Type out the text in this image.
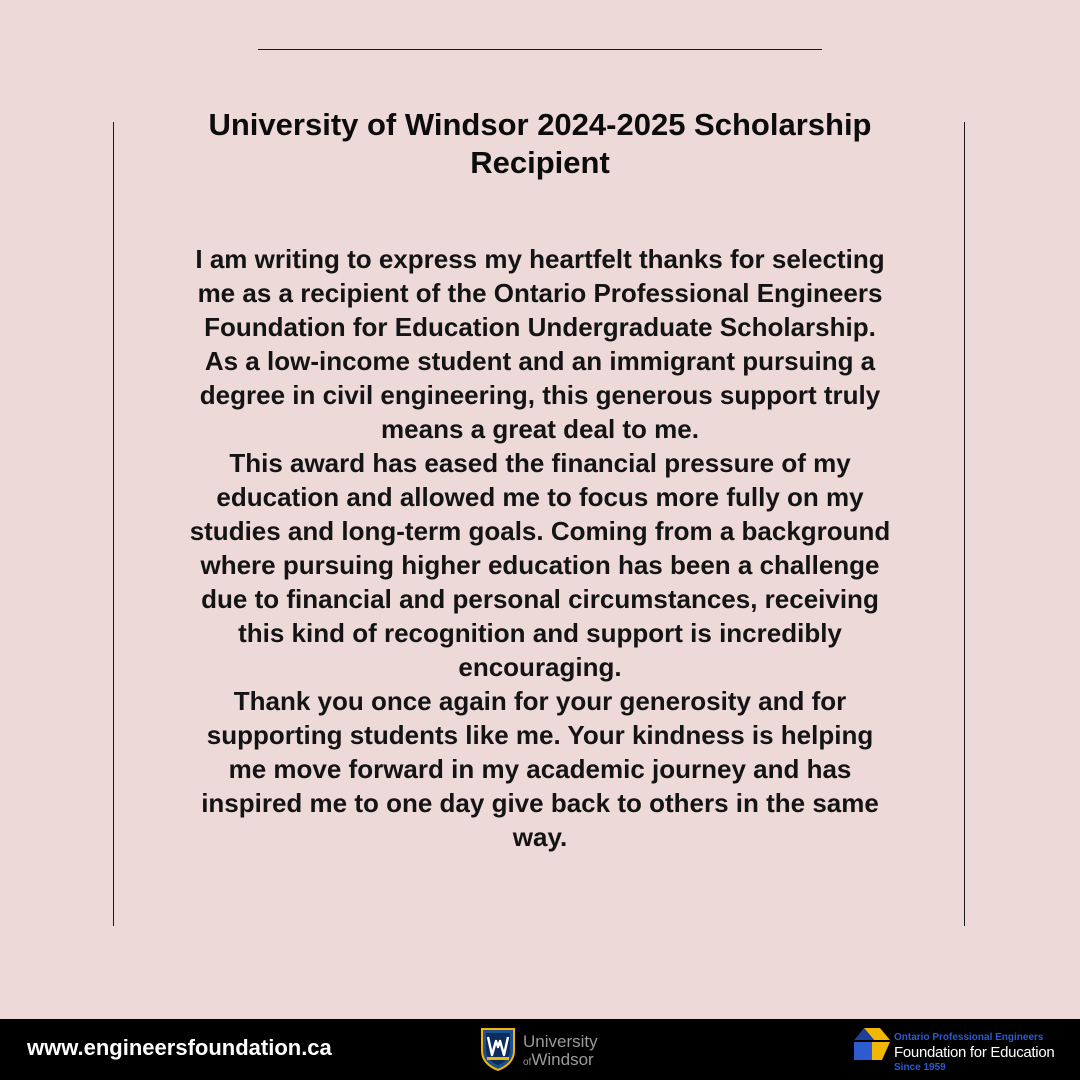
University of Windsor 2024-2025 Scholarship Recipient

I am writing to express my heartfelt thanks for selecting me as a recipient of the Ontario Professional Engineers Foundation for Education Undergraduate Scholarship. As a low-income student and an immigrant pursuing a degree in civil engineering, this generous support truly means a great deal to me.

This award has eased the financial pressure of my education and allowed me to focus more fully on my studies and long-term goals. Coming from a background where pursuing higher education has been a challenge due to financial and personal circumstances, receiving this kind of recognition and support is incredibly encouraging.

Thank you once again for your generosity and for supporting students like me. Your kindness is helping me move forward in my academic journey and has inspired me to one day give back to others in the same way.

www.engineersfoundation.ca	University
ofWindsor
Ontario Professional Engineers
Foundation for Education
Since 1959
